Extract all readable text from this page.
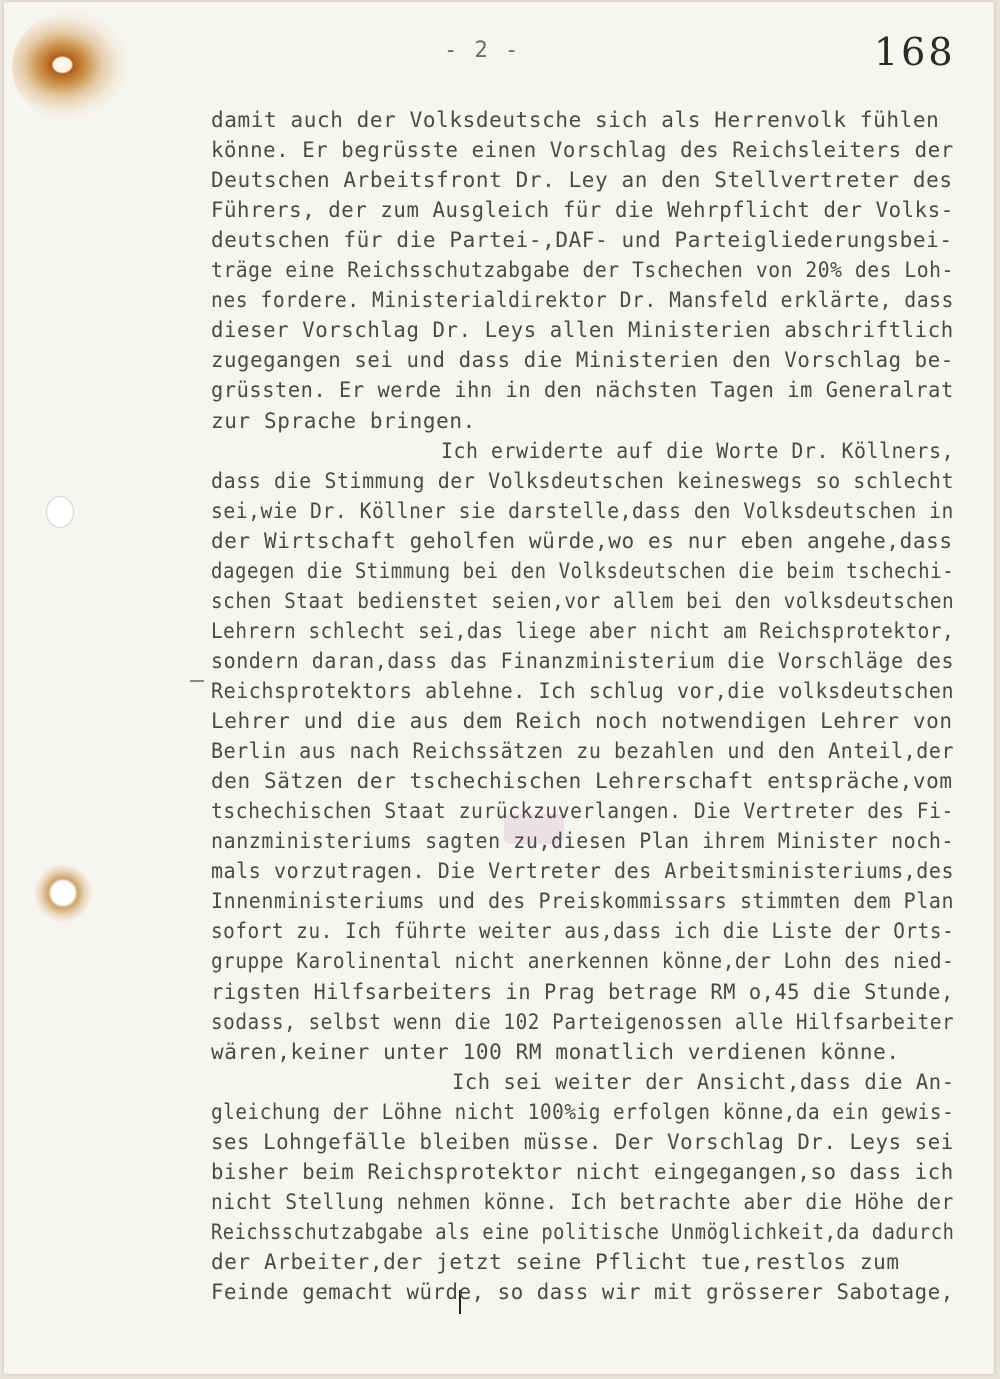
- 2 -	168
damit auch der Volksdeutsche sich als Herrenvolk fühlen
könne. Er begrüsste einen Vorschlag des Reichsleiters der
Deutschen Arbeitsfront Dr. Ley an den Stellvertreter des
Führers, der zum Ausgleich für die Wehrpflicht der Volks-
deutschen für die Partei-,DAF- und Parteigliederungsbei-
träge eine Reichsschutzabgabe der Tschechen von 20% des Loh-
nes fordere. Ministerialdirektor Dr. Mansfeld erklärte, dass
dieser Vorschlag Dr. Leys allen Ministerien abschriftlich
zugegangen sei und dass die Ministerien den Vorschlag be-
grüssten. Er werde ihn in den nächsten Tagen im Generalrat
zur Sprache bringen.
Ich erwiderte auf die Worte Dr. Köllners,
dass die Stimmung der Volksdeutschen keineswegs so schlecht
sei,wie Dr. Köllner sie darstelle,dass den Volksdeutschen in
der Wirtschaft geholfen würde,wo es nur eben angehe,dass
dagegen die Stimmung bei den Volksdeutschen die beim tschechi-
schen Staat bedienstet seien,vor allem bei den volksdeutschen
Lehrern schlecht sei,das liege aber nicht am Reichsprotektor,
sondern daran,dass das Finanzministerium die Vorschläge des
Reichsprotektors ablehne. Ich schlug vor,die volksdeutschen
Lehrer und die aus dem Reich noch notwendigen Lehrer von
Berlin aus nach Reichssätzen zu bezahlen und den Anteil,der
den Sätzen der tschechischen Lehrerschaft entspräche,vom
tschechischen Staat zurückzuverlangen. Die Vertreter des Fi-
nanzministeriums sagten zu,diesen Plan ihrem Minister noch-
mals vorzutragen. Die Vertreter des Arbeitsministeriums,des
Innenministeriums und des Preiskommissars stimmten dem Plan
sofort zu. Ich führte weiter aus,dass ich die Liste der Orts-
gruppe Karolinental nicht anerkennen könne,der Lohn des nied-
rigsten Hilfsarbeiters in Prag betrage RM o,45 die Stunde,
sodass, selbst wenn die 102 Parteigenossen alle Hilfsarbeiter
wären,keiner unter 100 RM monatlich verdienen könne.
Ich sei weiter der Ansicht,dass die An-
gleichung der Löhne nicht 100%ig erfolgen könne,da ein gewis-
ses Lohngefälle bleiben müsse. Der Vorschlag Dr. Leys sei
bisher beim Reichsprotektor nicht eingegangen,so dass ich
nicht Stellung nehmen könne. Ich betrachte aber die Höhe der
Reichsschutzabgabe als eine politische Unmöglichkeit,da dadurch
der Arbeiter,der jetzt seine Pflicht tue,restlos zum
Feinde gemacht würde, so dass wir mit grösserer Sabotage,
